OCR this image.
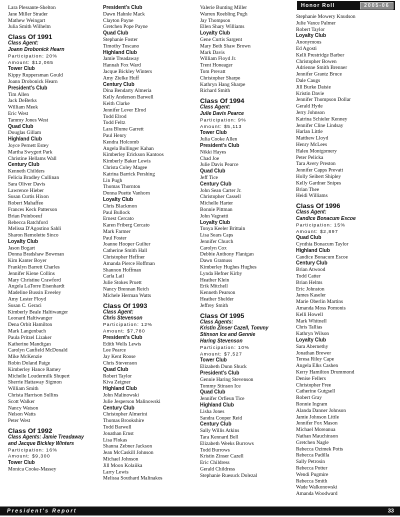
Honor Roll	2005-06
Lara Plessante-Shelton
Jane Miller Strader
Mathew Weingart
Julia Smith Wilhelm
Class Of 1991
Class Agent:
Joann Drobonick Hearn
Participation: 20%
Amount: $12,065
Tower Club
Kippy Ruppersman Gould
Joann Drobonick Hearn
President's Club
Tim Allen
Jack DeBerks
William Meek
Eric West
Tammy Jones West
Quad Club
Douglas Gillam
Highland Club
Joyce Pernett Estey
Martha Swygert Park
Christine Hellams Wall
Century Club
Kenneth Childers
Felicia Bradley Cullinan
Sara Oliver Davis
Lawrence Hieber
Susan Curtis Hixon
Robert Mahaffee
Frances Keck Patterson
Brian Poinboeuf
Rebecca Ratchford
Melissa D'Agostino Sahli
Sharon Remolette Sinco
Loyalty Club
Jason Bogart
Donna Bradshaw Bowman
Kim Kanter Boyer
Franklyn Barrett Charles
Jennifer Kiene Collins
Mary Christine Crawford
Angela LaTorre Eisenhardt
Madeline Bussin Eveeley
Amy Lester Floyd
Susan C. Geraci
Kimberly Beale Haltiwanger
Leonard Haltiwanger
Dena Orbit Hamilton
Mark Langenbach
Paula Pritzel Lizaker
Katherine Mandigan
Carolyn Canfield McDonald
Mike McKenzie
Robin Doland Paige
Kimberley Hance Ramey
Michelle Loudermilk Shupert
Sherrie Hattaway Sigmon
William Smith
Christa Harrison Sullins
Scott Walker
Nancy Watson
Nelson Watts
Peter West
Class Of 1992
Class Agents: Jamie Treadaway
and Jacque Bickley Winters
Participation: 16%
Amount: $9,300
Tower Club
Monica Cooke-Massey
President's Club
Dawn Hahnle Mack
Clayton Payne
Gretchen Pope Payne
Quad Club
Stephanie Foster
Timothy Toscano
Highland Club
Jamie Treadaway
Hannah Fox Ward
Jacque Bickley Winters
Amy Zielke Huff
Century Club
Dina Bendarty Almeria
Kelly Anderson Barwell
Keith Clarke
Jennifer Lever Elrod
Todd Elrod
Todd Feltz
Lara Blume Garrett
Paul Henry
Kendra Holcomb
Angela Bullinger Kahan
Kimberley Erickson Kantoos
Kimberly Baker Lewis
Christa Coley Magee
Katrina Barrick Pershing
Lin Pugh
Thomas Thornton
Donna Puette Vanhorn
Loyalty Club
Chris Blackmon
Paul Bullock
Ernest Cercato
Karen Friberg Cercato
Mark Farmer
Paul Foster
Joanne Hooper Guilter
Catherine Smith Hall
Christopher Heffner
Amanda Pierce Hoffman
Shannon Hoffman
Carla Lail
Julie Stokes Pruett
Nancy Brennan Reich
Michele Herman Watts
Class Of 1993
Class Agent:
Chris Stevenson
Participation: 12%
Amount: $7,780
President's Club
Edith Wells Lewis
Lee Pearce
Jay Kent Roose
Chris Stevenson
Quad Club
Robert Taylor
Kiva Zeigner
Highland Club
John Malinowski
Julie Jesperson Malinowski
Century Club
Christopher Almerini
Thomas Brookshire
Todd Barwell
Jonathan Ernst
Lisa Flokas
Shanna Zebner Jackson
Jean McCaskill Johnson
Michael Johnson
Jill Moon Kolaiika
Larry Lewis
Melissa Southard Malinakos
Valerie Bunting Miller
Warren Roebling Pugh
Jay Thompson
Ellen Shary Williams
Loyalty Club
Gene Curtis Sargent
Mary Beth Shaw Brown
Mark Davis
William Floyd Jr.
Trent Honeager
Tom Prevatt
Christopher Sharpe
Kathryn Hang Sharpe
Richard Smith
Class Of 1994
Class Agent:
Julie Davis Pearce
Participation: 9%
Amount: $5,113
Tower Club
Julia Cooke Allen
President's Club
Nikki Hayes
Chad Joe
Julie Davis Pearce
Quad Club
Jeff Tice
Century Club
John Sean Carter Jr.
Christopher Cassell
Michelle Harter
Bonnie Pittman
John Vagnetti
Loyalty Club
Tonya Keeler Brittain
Lisa Sears Caps
Jennifer Church
Carolyn Cox
Debbie Anthony Flanigan
Dawn Gramuss
Kimberley Hughes Hughes
Lynda Hefner Kirby
Heather Klein
Erik Mitchell
Kenneth Pearson
Heather Shelder
Jeffrey Smith
Class Of 1995
Class Agents:
Kristin Zinser Cazell, Tommy
Stinson Ice and Gennie
Haring Stevenson
Participation: 10%
Amount: $7,527
Tower Club
Elizabeth Dunn Shuck
President's Club
Gennie Haring Stevenson
Tommy Stinson Ice
Quad Club
Jennifer Orfieun Tice
Highland Club
Lisha Jones
Sandra Cooper Reid
Century Club
Sally Willis Atkins
Tara Kennard Bell
Elizabeth Weeks Burrows
Todd Burrows
Kristin Zinser Cazell
Eric Childress
Gerald Childress
Stephanie Ruesuck Dolezal
Stephanie Mowery Knudson
Julie Vance Palmer
Robert Taylor
Loyalty Club
Anonymous
Ed Agosti
Kelli Prestridge Barber
Christopher Bowen
Adrienne Smith Brenner
Jennifer Grantz Bruce
Dale Caugs
Jill Burke Daisie
Kristin Davie
Jennifer Thompson Dollar
Gerald Hyde
Jerry Johnson
Katrina Schieler Kenney
Jennifer Cline Lindsay
Harlan Little
Matthew Lloyd
Henry McLees
Haleu Montgomery
Peter Pelicka
Tara Avery Preston
Jennifer Capps Prevatt
Holly Seibert Shipley
Kelly Gardner Snipes
Brian Thee
Heidi Williams
Class Of 1996
Class Agent:
Candice Bonacum Escoe
Participation: 15%
Amount: $2,897
Quad Club
Cynthia Bonacum Taylor
Highland Club
Candice Bonacum Escoe
Century Club
Brian Atwood
Todd Catter
Brian Helms
Eric Johnston
James Kaseler
Marie Oberlin Martins
Amanda Moss Pomonis
Kelli Howell
Mark Whitnell
Chris Tallias
Kathryn Wilson
Loyalty Club
Sara Abernethy
Jonathan Brewer
Teresa Riley Cape
Angela Elks Cashen
Kerry Hamilton Drummond
Denise Fellers
Christopher Free
Catherine Gutgsell
Robert Gray
Ronnie Ingram
Alanda Danner Johnson
Jamie Johnson Little
Jennifer Fox Mason
Michael Moreanua
Nathan Mauchinson
Gretchen Nagle
Rebecca Ozimek Potts
Rebecca Padilla
Sally Petrosin
Rebecca Potter
Wendi Pugmire
Rebecca Smith
Wade Walkonowski
Amanda Woodward
President's Report	33
